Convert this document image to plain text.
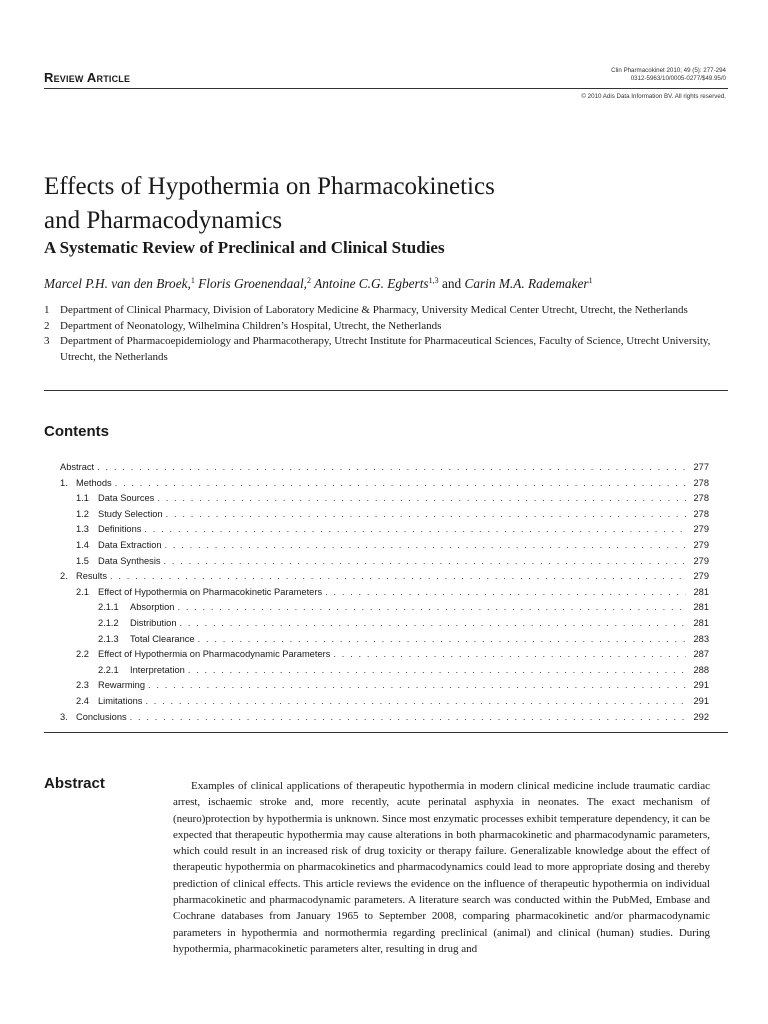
Review Article	Clin Pharmacokinet 2010; 49 (5): 277-294
0312-5963/10/0005-0277/$49.95/0
© 2010 Adis Data Information BV. All rights reserved.
Effects of Hypothermia on Pharmacokinetics
and Pharmacodynamics
A Systematic Review of Preclinical and Clinical Studies
Marcel P.H. van den Broek,$^1$ Floris Groenendaal,$^2$ Antoine C.G. Egberts$^{1,3}$ and Carin M.A. Rademaker$^1$
1 Department of Clinical Pharmacy, Division of Laboratory Medicine & Pharmacy, University Medical Center Utrecht, Utrecht, the Netherlands
2 Department of Neonatology, Wilhelmina Children’s Hospital, Utrecht, the Netherlands
3 Department of Pharmacoepidemiology and Pharmacotherapy, Utrecht Institute for Pharmaceutical Sciences, Faculty of Science, Utrecht University, Utrecht, the Netherlands
Contents
Abstract . . .	277
1. Methods . . .	278
1.1 Data Sources . . .	278
1.2 Study Selection . . .	278
1.3 Definitions . . .	279
1.4 Data Extraction . . .	279
1.5 Data Synthesis . . .	279
2. Results . . .	279
2.1 Effect of Hypothermia on Pharmacokinetic Parameters . . .	281
2.1.1	Absorption . . .	281
2.1.2	Distribution . . .	281
2.1.3	Total Clearance . . .	283
2.2 Effect of Hypothermia on Pharmacodynamic Parameters . . .	287
2.2.1	Interpretation . . .	288
2.3 Rewarming . . .	291
2.4 Limitations . . .	291
3. Conclusions . . .	292
Abstract	Examples of clinical applications of therapeutic hypothermia in modern clinical medicine include traumatic cardiac arrest, ischaemic stroke and, more recently, acute perinatal asphyxia in neonates. The exact mechanism of (neuro)protection by hypothermia is unknown. Since most enzymatic processes exhibit temperature dependency, it can be expected that therapeutic hypothermia may cause alterations in both pharmacokinetic and pharmacodynamic parameters, which could result in an increased risk of drug toxicity or therapy failure. Generalizable knowledge about the effect of therapeutic hypothermia on pharmacokinetics and pharmacodynamics could lead to more appropriate dosing and thereby prediction of clinical effects. This article reviews the evidence on the influence of therapeutic hypothermia on individual pharmacokinetic and pharmacodynamic parameters. A literature search was conducted within the PubMed, Embase and Cochrane databases from January 1965 to September 2008, comparing pharmacokinetic and/or pharmacodynamic parameters in hypothermia and normothermia regarding preclinical (animal) and clinical (human) studies. During hypothermia, pharmacokinetic parameters alter, resulting in drug and
